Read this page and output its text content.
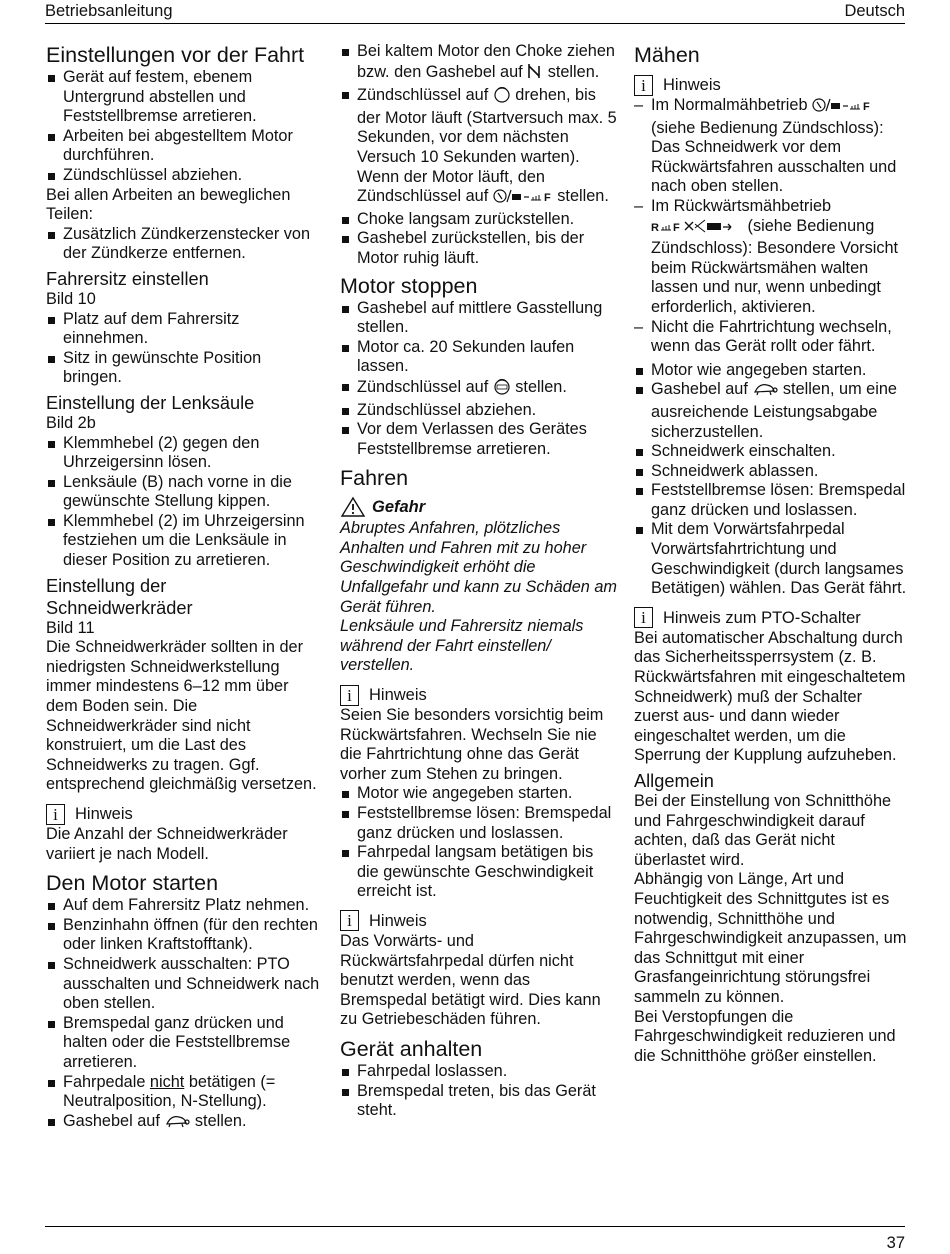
Betriebsanleitung	Deutsch
Einstellungen vor der Fahrt
Gerät auf festem, ebenem Untergrund abstellen und Feststellbremse arretieren.
Arbeiten bei abgestelltem Motor durchführen.
Zündschlüssel abziehen.

Bei allen Arbeiten an beweglichen Teilen:

Zusätzlich Zündkerzenstecker von der Zündkerze entfernen.
Fahrersitz einstellen

Bild 10

Platz auf dem Fahrersitz einnehmen.
Sitz in gewünschte Position bringen.
Einstellung der Lenksäule

Bild 2b

Klemmhebel (2) gegen den Uhrzeigersinn lösen.
Lenksäule (B) nach vorne in die gewünschte Stellung kippen.
Klemmhebel (2) im Uhrzeigersinn festziehen um die Lenksäule in dieser Position zu arretieren.
Einstellung der
Schneidwerkräder

Bild 11

Die Schneidwerkräder sollten in der niedrigsten Schneidwerkstellung immer mindestens 6–12 mm über dem Boden sein. Die Schneidwerkräder sind nicht konstruiert, um die Last des Schneidwerks zu tragen. Ggf. entsprechend gleichmäßig versetzen.

i	Hinweis

Die Anzahl der Schneidwerkräder variiert je nach Modell.

Den Motor starten
Auf dem Fahrersitz Platz nehmen.
Benzinhahn öffnen (für den rechten oder linken Kraftstofftank).
Schneidwerk ausschalten: PTO ausschalten und Schneidwerk nach oben stellen.
Bremspedal ganz drücken und halten oder die Feststellbremse arretieren.
Fahrpedale nicht betätigen (= Neutralposition, N-Stellung).
Gashebel auf  stellen.
Bei kaltem Motor den Choke ziehen bzw. den Gashebel auf  stellen.
Zündschlüssel auf  drehen, bis der Motor läuft (Startversuch max. 5 Sekunden, vor dem nächsten Versuch 10 Sekunden warten).
Wenn der Motor läuft, den Zündschlüssel auf	F stellen.
Choke langsam zurückstellen.
Gashebel zurückstellen, bis der Motor ruhig läuft.
Motor stoppen
Gashebel auf mittlere Gasstellung stellen.
Motor ca. 20 Sekunden laufen lassen.
Zündschlüssel auf  stellen.
Zündschlüssel abziehen.
Vor dem Verlassen des Gerätes Feststellbremse arretieren.
Fahren
Gefahr

Abruptes Anfahren, plötzliches Anhalten und Fahren mit zu hoher Geschwindigkeit erhöht die Unfallgefahr und kann zu Schäden am Gerät führen.

Lenksäule und Fahrersitz niemals während der Fahrt einstellen/ verstellen.

i	Hinweis

Seien Sie besonders vorsichtig beim Rückwärtsfahren. Wechseln Sie nie die Fahrtrichtung ohne das Gerät vorher zum Stehen zu bringen.

Motor wie angegeben starten.
Feststellbremse lösen: Bremspedal ganz drücken und loslassen.
Fahrpedal langsam betätigen bis die gewünschte Geschwindigkeit erreicht ist.
i	Hinweis

Das Vorwärts- und Rückwärtsfahrpedal dürfen nicht benutzt werden, wenn das Bremspedal betätigt wird. Dies kann zu Getriebeschäden führen.

Gerät anhalten
Fahrpedal loslassen.
Bremspedal treten, bis das Gerät steht.
Mähen
i	Hinweis
– Im Normalmähbetrieb	F
(siehe Bedienung Zündschloss): Das Schneidwerk vor dem Rückwärtsfahren ausschalten und nach oben stellen.
– Im Rückwärtsmähbetrieb

R F	(siehe Bedienung Zündschloss): Besondere Vorsicht beim Rückwärtsmähen walten lassen und nur, wenn unbedingt erforderlich, aktivieren.
– Nicht die Fahrtrichtung wechseln, wenn das Gerät rollt oder fährt.
Motor wie angegeben starten.
Gashebel auf  stellen, um eine ausreichende Leistungsabgabe sicherzustellen.
Schneidwerk einschalten.
Schneidwerk ablassen.
Feststellbremse lösen: Bremspedal ganz drücken und loslassen.
Mit dem Vorwärtsfahrpedal Vorwärtsfahrtrichtung und Geschwindigkeit (durch langsames Betätigen) wählen. Das Gerät fährt.
i	Hinweis zum PTO-Schalter

Bei automatischer Abschaltung durch das Sicherheitssperrsystem (z. B. Rückwärtsfahren mit eingeschaltetem Schneidwerk) muß der Schalter zuerst aus- und dann wieder eingeschaltet werden, um die Sperrung der Kupplung aufzuheben.

Allgemein

Bei der Einstellung von Schnitthöhe und Fahrgeschwindigkeit darauf achten, daß das Gerät nicht überlastet wird.

Abhängig von Länge, Art und Feuchtigkeit des Schnittgutes ist es notwendig, Schnitthöhe und Fahrgeschwindigkeit anzupassen, um das Schnittgut mit einer Grasfangeinrichtung störungsfrei sammeln zu können.

Bei Verstopfungen die Fahrgeschwindigkeit reduzieren und die Schnitthöhe größer einstellen.

37
